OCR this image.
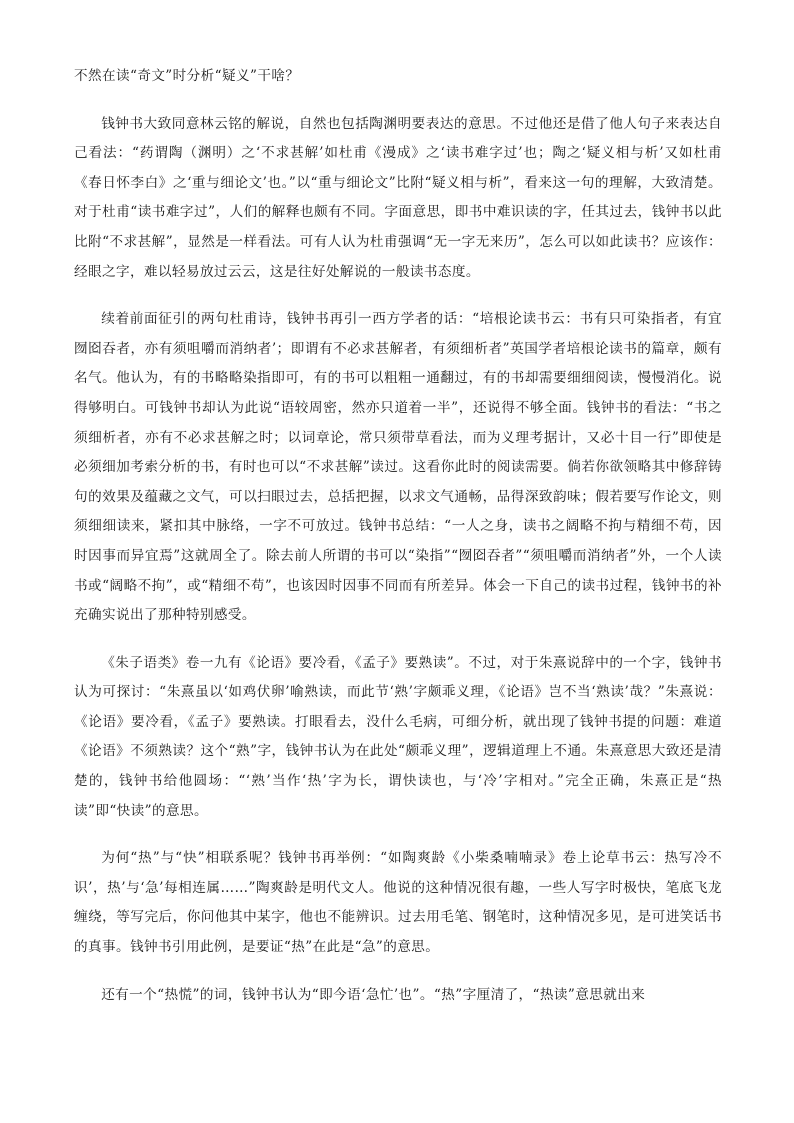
不然在读“奇文”时分析“疑义”干啥？

钱钟书大致同意林云铭的解说，自然也包括陶渊明要表达的意思。不过他还是借了他人句子来表达自己看法：“药谓陶（渊明）之‘不求甚解’如杜甫《漫成》之‘读书难字过’也；陶之‘疑义相与析’又如杜甫《春日怀李白》之‘重与细论文’也。”以“重与细论文”比附“疑义相与析”，看来这一句的理解，大致清楚。对于杜甫“读书难字过”，人们的解释也颇有不同。字面意思，即书中难识读的字，任其过去，钱钟书以此比附“不求甚解”，显然是一样看法。可有人认为杜甫强调“无一字无来历”，怎么可以如此读书？应该作：经眼之字，难以轻易放过云云，这是往好处解说的一般读书态度。

续着前面征引的两句杜甫诗，钱钟书再引一西方学者的话：“培根论读书云：书有只可染指者，有宜囫囵吞者，亦有须咀嚼而消纳者’；即谓有不必求甚解者，有须细析者”英国学者培根论读书的篇章，颇有名气。他认为，有的书略略染指即可，有的书可以粗粗一通翻过，有的书却需要细细阅读，慢慢消化。说得够明白。可钱钟书却认为此说“语较周密，然亦只道着一半”，还说得不够全面。钱钟书的看法：“书之须细析者，亦有不必求甚解之时；以词章论，常只须带草看法，而为义理考据计，又必十目一行”即使是必须细加考索分析的书，有时也可以“不求甚解”读过。这看你此时的阅读需要。倘若你欲领略其中修辞铸句的效果及蕴藏之文气，可以扫眼过去，总括把握，以求文气通畅，品得深致韵味；假若要写作论文，则须细细读来，紧扣其中脉络，一字不可放过。钱钟书总结：“一人之身，读书之阔略不拘与精细不苟，因时因事而异宜焉”这就周全了。除去前人所谓的书可以“染指”“囫囵吞者”“须咀嚼而消纳者”外，一个人读书或“阔略不拘”，或“精细不苟”，也该因时因事不同而有所差异。体会一下自己的读书过程，钱钟书的补充确实说出了那种特别感受。

《朱子语类》卷一九有《论语》要冷看，《孟子》要熟读”。不过，对于朱熹说辞中的一个字，钱钟书认为可探讨：“朱熹虽以‘如鸡伏卵’喻熟读，而此节‘熟’字颇乖义理，《论语》岂不当‘熟读’哉？”朱熹说：《论语》要冷看，《孟子》要熟读。打眼看去，没什么毛病，可细分析，就出现了钱钟书提的问题：难道《论语》不须熟读？这个“熟”字，钱钟书认为在此处“颇乖义理”，逻辑道理上不通。朱熹意思大致还是清楚的，钱钟书给他圆场：“‘熟’当作‘热’字为长，谓快读也，与‘冷’字相对。”完全正确，朱熹正是“热读”即“快读”的意思。

为何“热”与“快”相联系呢？钱钟书再举例：“如陶爽龄《小柴桑喃喃录》卷上论草书云：热写冷不识’，热’与‘急’每相连属……”陶爽龄是明代文人。他说的这种情况很有趣，一些人写字时极快，笔底飞龙缠绕，等写完后，你问他其中某字，他也不能辨识。过去用毛笔、钢笔时，这种情况多见，是可进笑话书的真事。钱钟书引用此例，是要证“热”在此是“急”的意思。

还有一个“热慌”的词，钱钟书认为“即今语‘急忙’也”。“热”字厘清了，“热读”意思就出来
